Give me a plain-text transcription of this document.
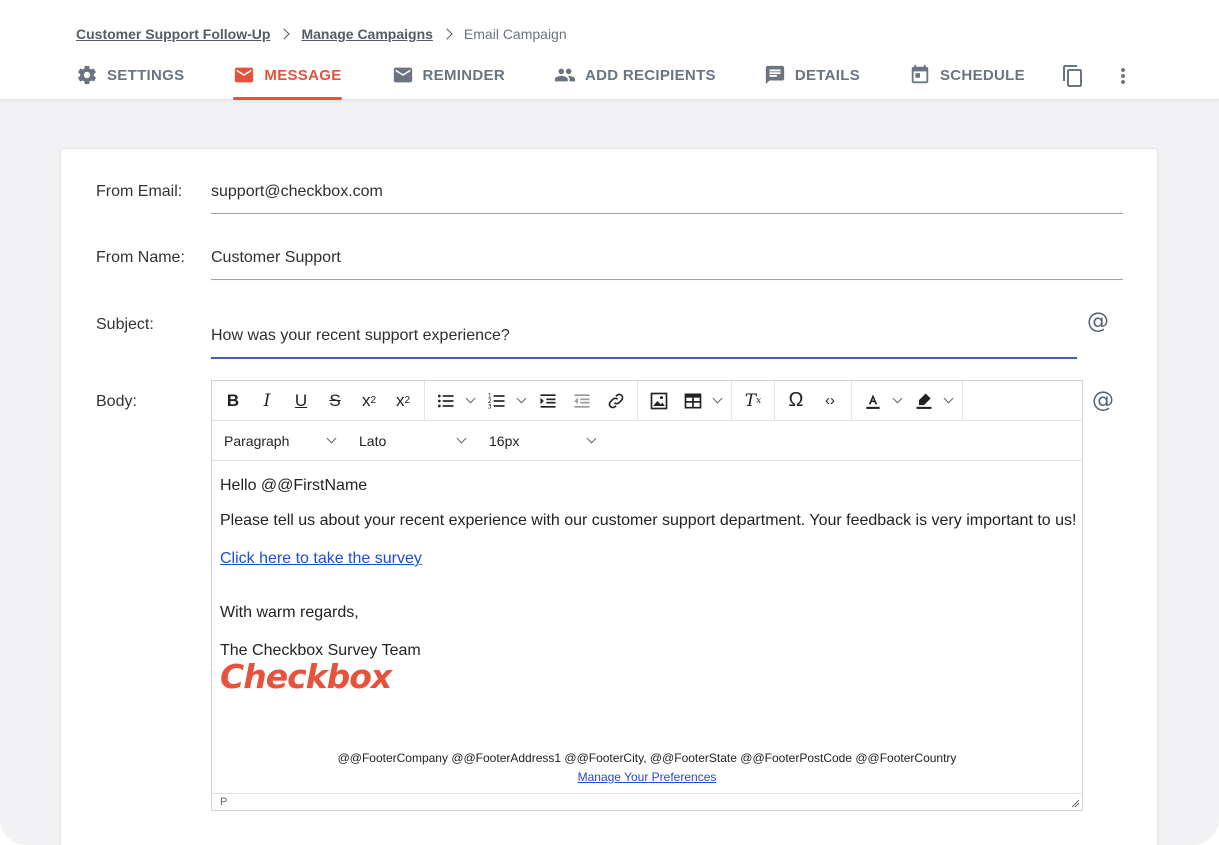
Customer Support Follow-Up Manage Campaigns Email Campaign
SETTINGS	MESSAGE	REMINDER	ADD RECIPIENTS	DETAILS	SCHEDULE
From Email: support@checkbox.com
From Name: Customer Support
Subject:
How was your recent support experience?
@
Body:	@
B	I	U	S	x 2	x 2	1
2
3	T x	Ω	‹›
Paragraph	Lato	16px

Hello @@FirstName

Please tell us about your recent experience with our customer support department. Your feedback is very important to us!

Click here to take the survey

With warm regards,

The Checkbox Survey Team

Checkbox
@@FooterCompany @@FooterAddress1 @@FooterCity, @@FooterState @@FooterPostCode @@FooterCountry
Manage Your Preferences
P
